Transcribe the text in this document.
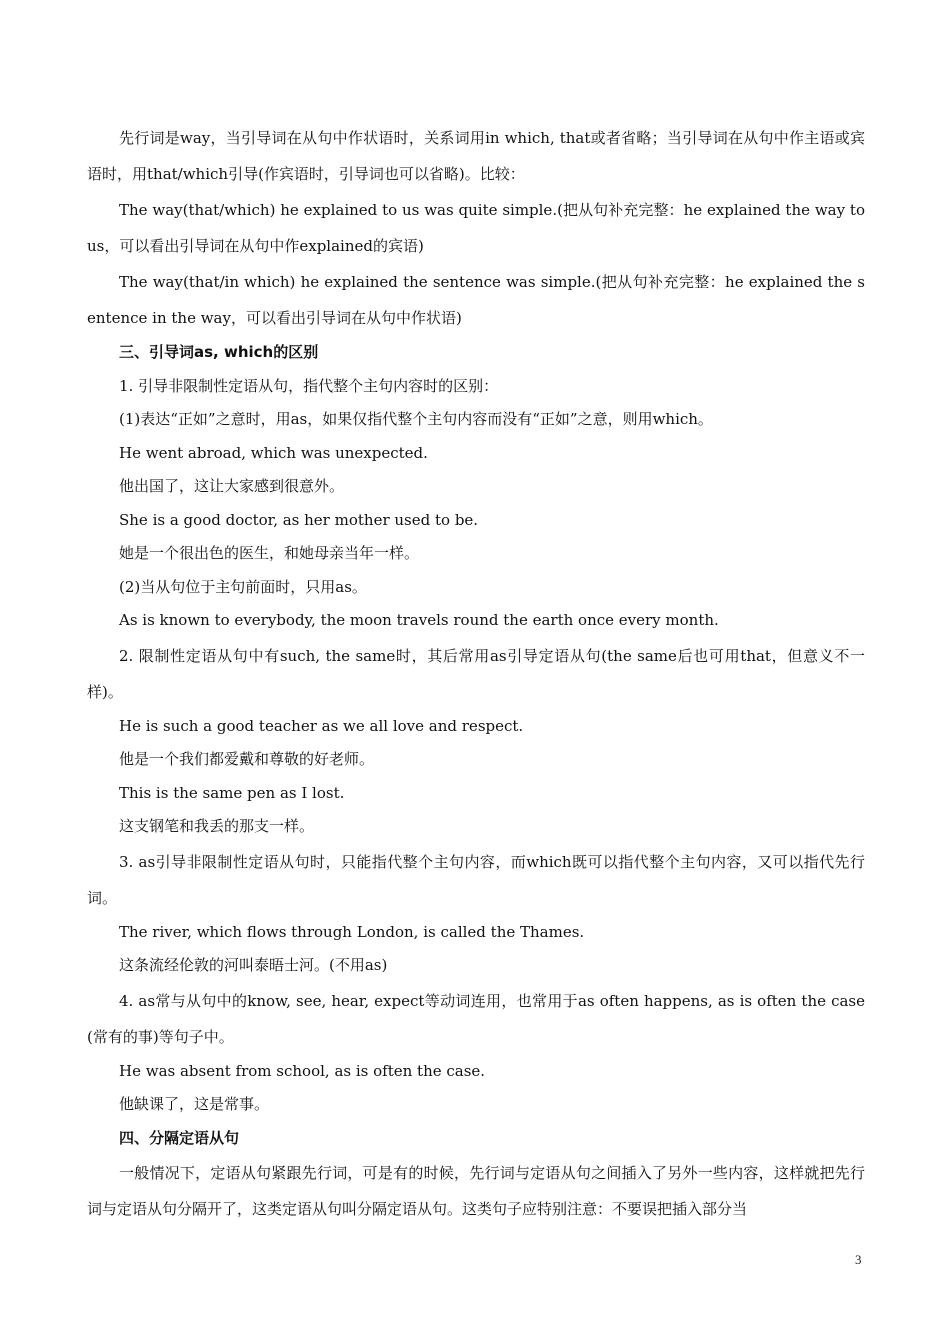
先行词是way，当引导词在从句中作状语时，关系词用in which, that或者省略；当引导词在从句中作主语或宾语时，用that/which引导(作宾语时，引导词也可以省略)。比较：

The way(that/which) he explained to us was quite simple.(把从句补充完整：he explained the way to us，可以看出引导词在从句中作explained的宾语)

The way(that/in which) he explained the sentence was simple.(把从句补充完整：he explained the sentence in the way，可以看出引导词在从句中作状语)

三、引导词as, which的区别

1. 引导非限制性定语从句，指代整个主句内容时的区别：

(1)表达“正如”之意时，用as，如果仅指代整个主句内容而没有“正如”之意，则用which。

He went abroad, which was unexpected.

他出国了，这让大家感到很意外。

She is a good doctor, as her mother used to be.

她是一个很出色的医生，和她母亲当年一样。

(2)当从句位于主句前面时，只用as。

As is known to everybody, the moon travels round the earth once every month.

2. 限制性定语从句中有such, the same时，其后常用as引导定语从句(the same后也可用that，但意义不一样)。

He is such a good teacher as we all love and respect.

他是一个我们都爱戴和尊敬的好老师。

This is the same pen as I lost.

这支钢笔和我丢的那支一样。

3. as引导非限制性定语从句时，只能指代整个主句内容，而which既可以指代整个主句内容，又可以指代先行词。

The river, which flows through London, is called the Thames.

这条流经伦敦的河叫泰晤士河。(不用as)

4. as常与从句中的know, see, hear, expect等动词连用，也常用于as often happens, as is often the case(常有的事)等句子中。

He was absent from school, as is often the case.

他缺课了，这是常事。

四、分隔定语从句

一般情况下，定语从句紧跟先行词，可是有的时候，先行词与定语从句之间插入了另外一些内容，这样就把先行词与定语从句分隔开了，这类定语从句叫分隔定语从句。这类句子应特别注意：不要误把插入部分当

3
